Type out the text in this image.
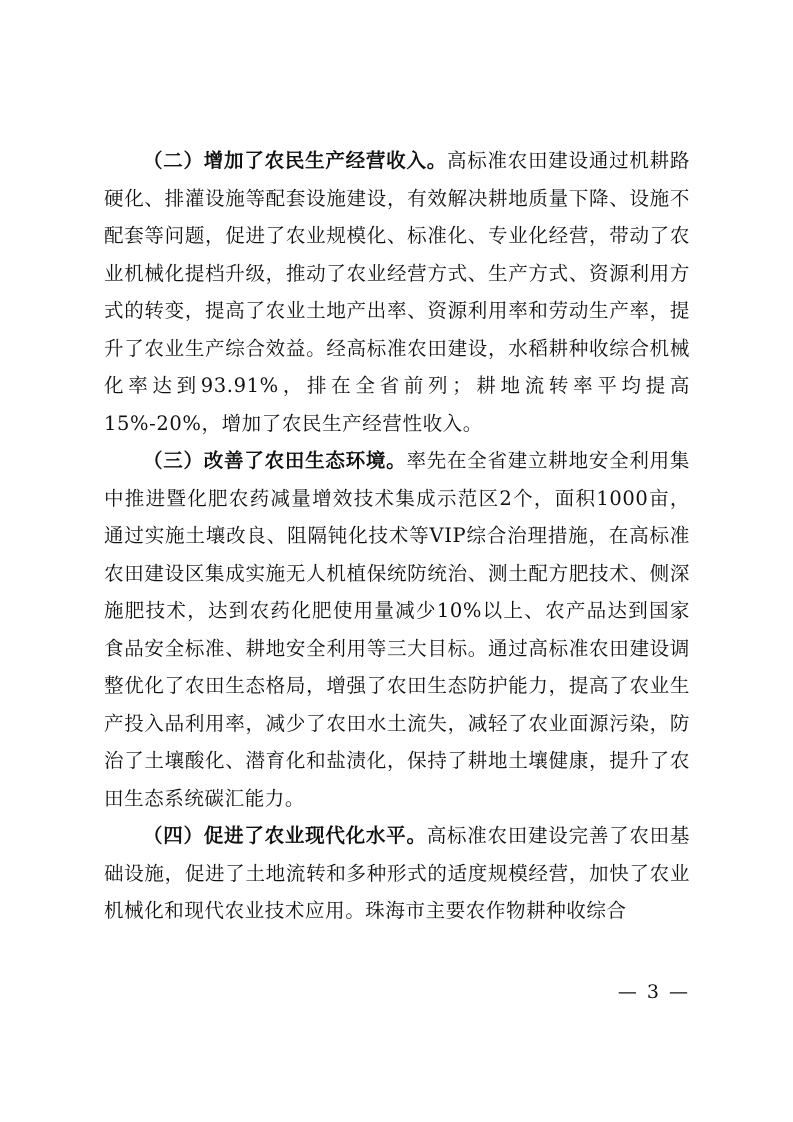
（二）增加了农民生产经营收入。高标准农田建设通过机耕路硬化、排灌设施等配套设施建设，有效解决耕地质量下降、设施不配套等问题，促进了农业规模化、标准化、专业化经营，带动了农业机械化提档升级，推动了农业经营方式、生产方式、资源利用方式的转变，提高了农业土地产出率、资源利用率和劳动生产率，提升了农业生产综合效益。经高标准农田建设，水稻耕种收综合机械化率达到93.91%，排在全省前列；耕地流转率平均提高15%-20%，增加了农民生产经营性收入。

（三）改善了农田生态环境。率先在全省建立耕地安全利用集中推进暨化肥农药减量增效技术集成示范区2个，面积1000亩，通过实施土壤改良、阻隔钝化技术等VIP综合治理措施，在高标准农田建设区集成实施无人机植保统防统治、测土配方肥技术、侧深施肥技术，达到农药化肥使用量减少10%以上、农产品达到国家食品安全标准、耕地安全利用等三大目标。通过高标准农田建设调整优化了农田生态格局，增强了农田生态防护能力，提高了农业生产投入品利用率，减少了农田水土流失，减轻了农业面源污染，防治了土壤酸化、潜育化和盐渍化，保持了耕地土壤健康，提升了农田生态系统碳汇能力。

（四）促进了农业现代化水平。高标准农田建设完善了农田基础设施，促进了土地流转和多种形式的适度规模经营，加快了农业机械化和现代农业技术应用。珠海市主要农作物耕种收综合

— 3 —
